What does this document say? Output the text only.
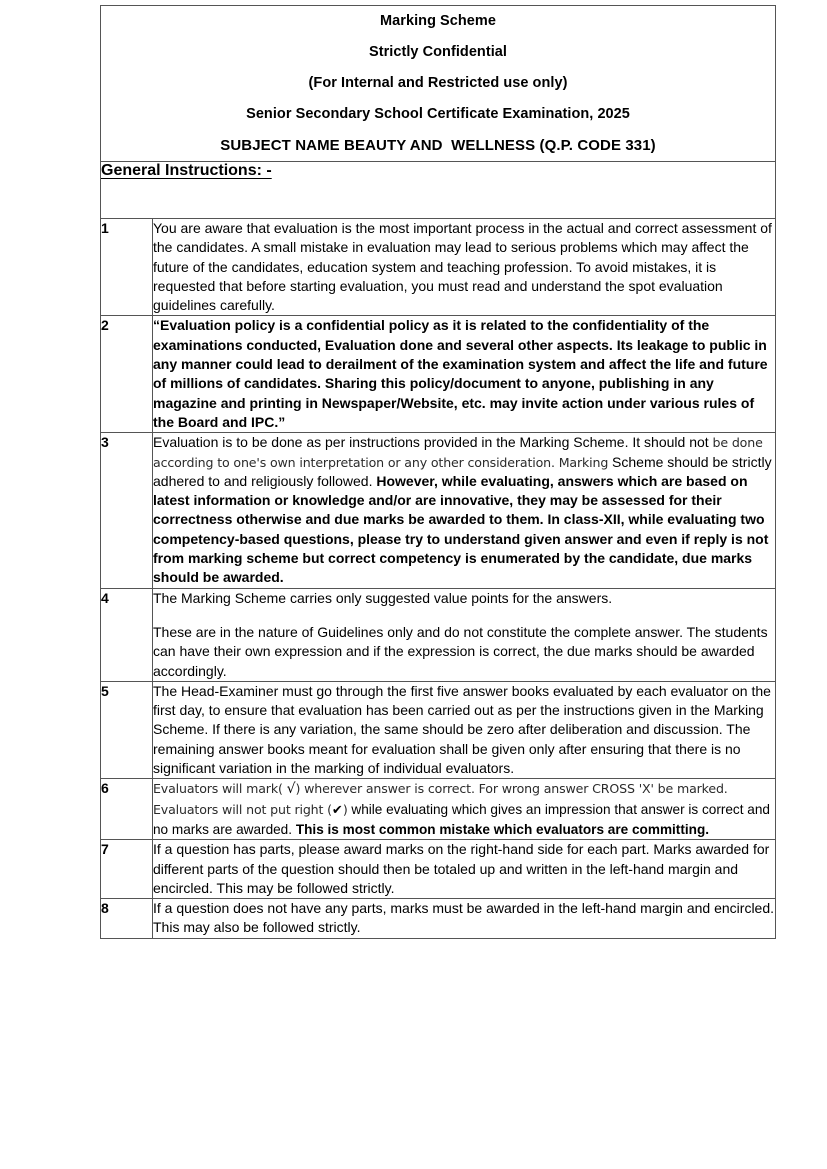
Marking Scheme
Strictly Confidential
(For Internal and Restricted use only)
Senior Secondary School Certificate Examination, 2025
SUBJECT NAME BEAUTY AND  WELLNESS (Q.P. CODE 331)	

General Instructions: -	
1	You are aware that evaluation is the most important process in the actual and correct assessment of the candidates. A small mistake in evaluation may lead to serious problems which may affect the future of the candidates, education system and teaching profession. To avoid mistakes, it is requested that before starting evaluation, you must read and understand the spot evaluation guidelines carefully.

2	“Evaluation policy is a confidential policy as it is related to the confidentiality of the examinations conducted, Evaluation done and several other aspects. Its leakage to public in any manner could lead to derailment of the examination system and affect the life and future of millions of candidates. Sharing this policy/document to anyone, publishing in any magazine and printing in Newspaper/Website, etc. may invite action under various rules of the Board and IPC.”

3	Evaluation is to be done as per instructions provided in the Marking Scheme. It should not be done according to one's own interpretation or any other consideration. Marking Scheme should be strictly adhered to and religiously followed. However, while evaluating, answers which are based on latest information or knowledge and/or are innovative, they may be assessed for their correctness otherwise and due marks be awarded to them. In class-XII, while evaluating two competency-based questions, please try to understand given answer and even if reply is not from marking scheme but correct competency is enumerated by the candidate, due marks should be awarded.

4	The Marking Scheme carries only suggested value points for the answers.

These are in the nature of Guidelines only and do not constitute the complete answer. The students can have their own expression and if the expression is correct, the due marks should be awarded accordingly.

5	The Head-Examiner must go through the first five answer books evaluated by each evaluator on the first day, to ensure that evaluation has been carried out as per the instructions given in the Marking Scheme. If there is any variation, the same should be zero after deliberation and discussion. The remaining answer books meant for evaluation shall be given only after ensuring that there is no significant variation in the marking of individual evaluators.

6	Evaluators will mark( √) wherever answer is correct. For wrong answer CROSS 'X' be marked. Evaluators will not put right (✔) while evaluating which gives an impression that answer is correct and no marks are awarded. This is most common mistake which evaluators are committing.

7	If a question has parts, please award marks on the right-hand side for each part. Marks awarded for different parts of the question should then be totaled up and written in the left-hand margin and encircled. This may be followed strictly.

8	If a question does not have any parts, marks must be awarded in the left-hand margin and encircled. This may also be followed strictly.
